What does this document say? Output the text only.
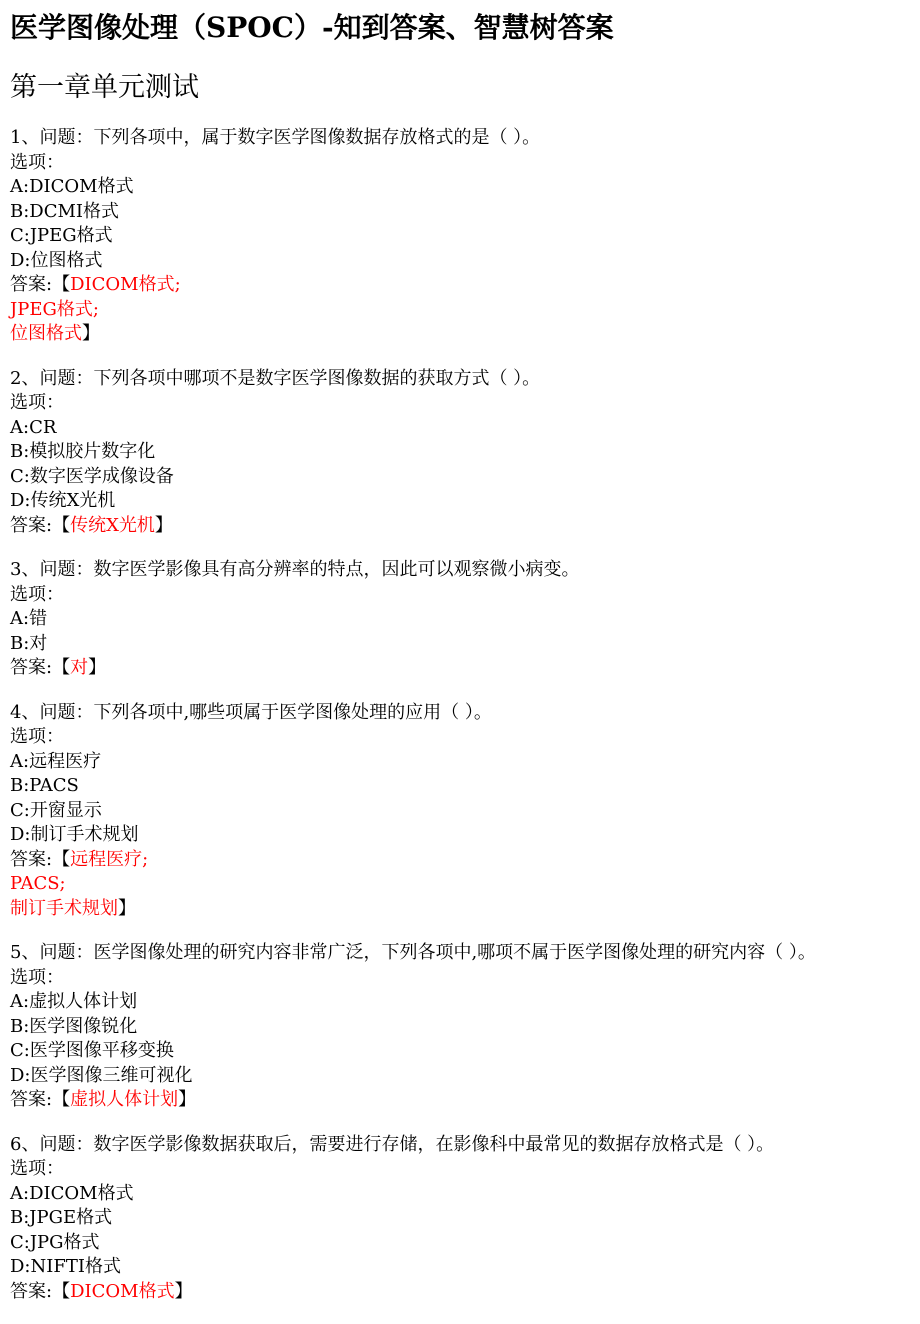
医学图像处理（SPOC）-知到答案、智慧树答案
第一章单元测试
1、问题：下列各项中，属于数字医学图像数据存放格式的是（ ）。
选项：
A:DICOM格式
B:DCMI格式
C:JPEG格式
D:位图格式
答案:【DICOM格式;
JPEG格式;
位图格式】
2、问题：下列各项中哪项不是数字医学图像数据的获取方式（ ）。
选项：
A:CR
B:模拟胶片数字化
C:数字医学成像设备
D:传统X光机
答案:【传统X光机】
3、问题：数字医学影像具有高分辨率的特点，因此可以观察微小病变。
选项：
A:错
B:对
答案:【对】
4、问题：下列各项中,哪些项属于医学图像处理的应用（ ）。
选项：
A:远程医疗
B:PACS
C:开窗显示
D:制订手术规划
答案:【远程医疗;
PACS;
制订手术规划】
5、问题：医学图像处理的研究内容非常广泛，下列各项中,哪项不属于医学图像处理的研究内容（ ）。
选项：
A:虚拟人体计划
B:医学图像锐化
C:医学图像平移变换
D:医学图像三维可视化
答案:【虚拟人体计划】
6、问题：数字医学影像数据获取后，需要进行存储，在影像科中最常见的数据存放格式是（ ）。
选项：
A:DICOM格式
B:JPGE格式
C:JPG格式
D:NIFTI格式
答案:【DICOM格式】
